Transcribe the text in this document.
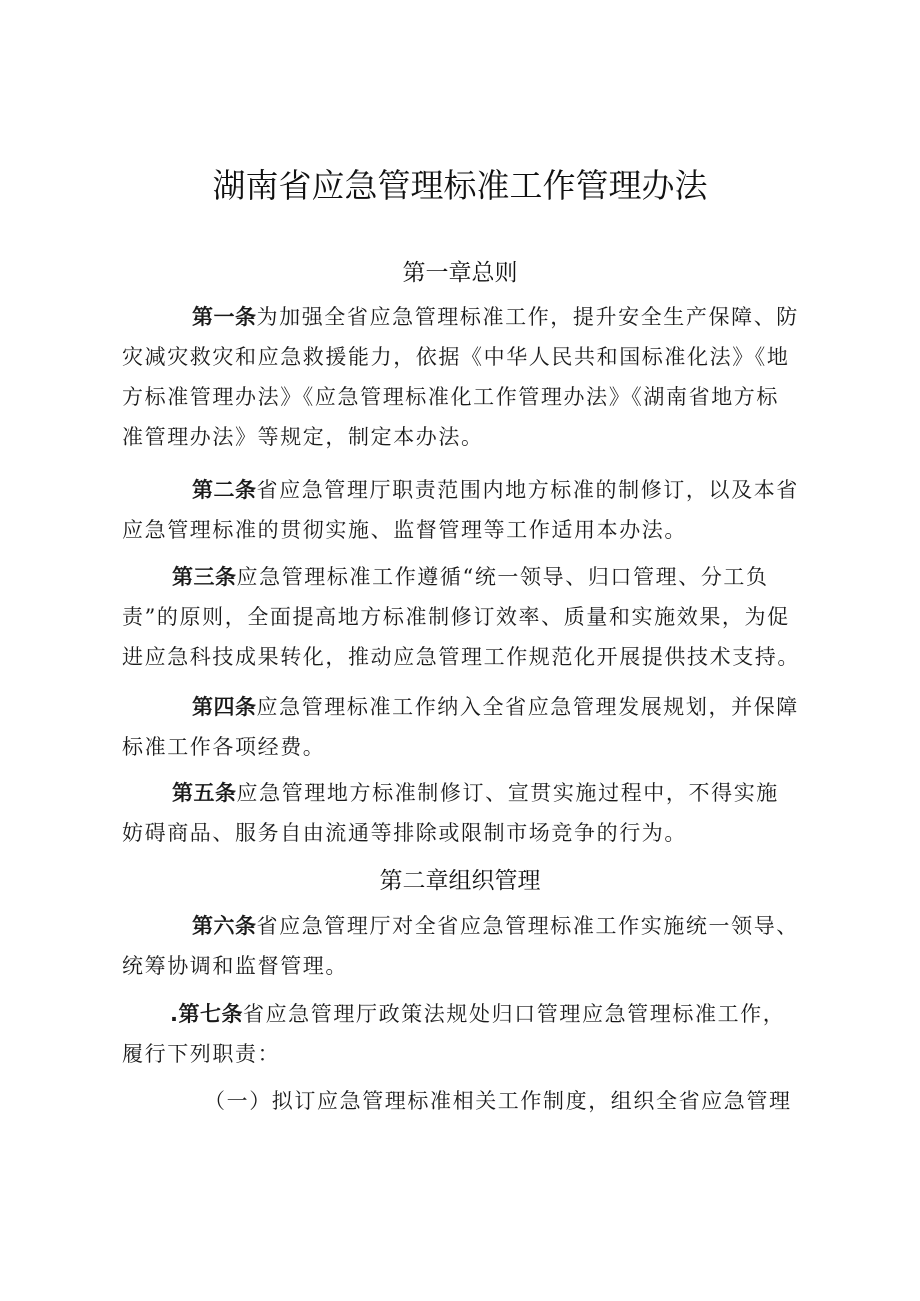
湖南省应急管理标准工作管理办法
第一章总则
第一条为加强全省应急管理标准工作，提升安全生产保障、防
灾减灾救灾和应急救援能力，依据《中华人民共和国标准化法》《地
方标准管理办法》《应急管理标准化工作管理办法》《湖南省地方标
准管理办法》等规定，制定本办法。
第二条省应急管理厅职责范围内地方标准的制修订，以及本省
应急管理标准的贯彻实施、监督管理等工作适用本办法。
第三条应急管理标准工作遵循“统一领导、归口管理、分工负
责”的原则，全面提高地方标准制修订效率、质量和实施效果，为促
进应急科技成果转化，推动应急管理工作规范化开展提供技术支持。
第四条应急管理标准工作纳入全省应急管理发展规划，并保障
标准工作各项经费。
第五条应急管理地方标准制修订、宣贯实施过程中，不得实施
妨碍商品、服务自由流通等排除或限制市场竞争的行为。
第二章组织管理
第六条省应急管理厅对全省应急管理标准工作实施统一领导、
统筹协调和监督管理。
.第七条省应急管理厅政策法规处归口管理应急管理标准工作，
履行下列职责：
（一）拟订应急管理标准相关工作制度，组织全省应急管理
